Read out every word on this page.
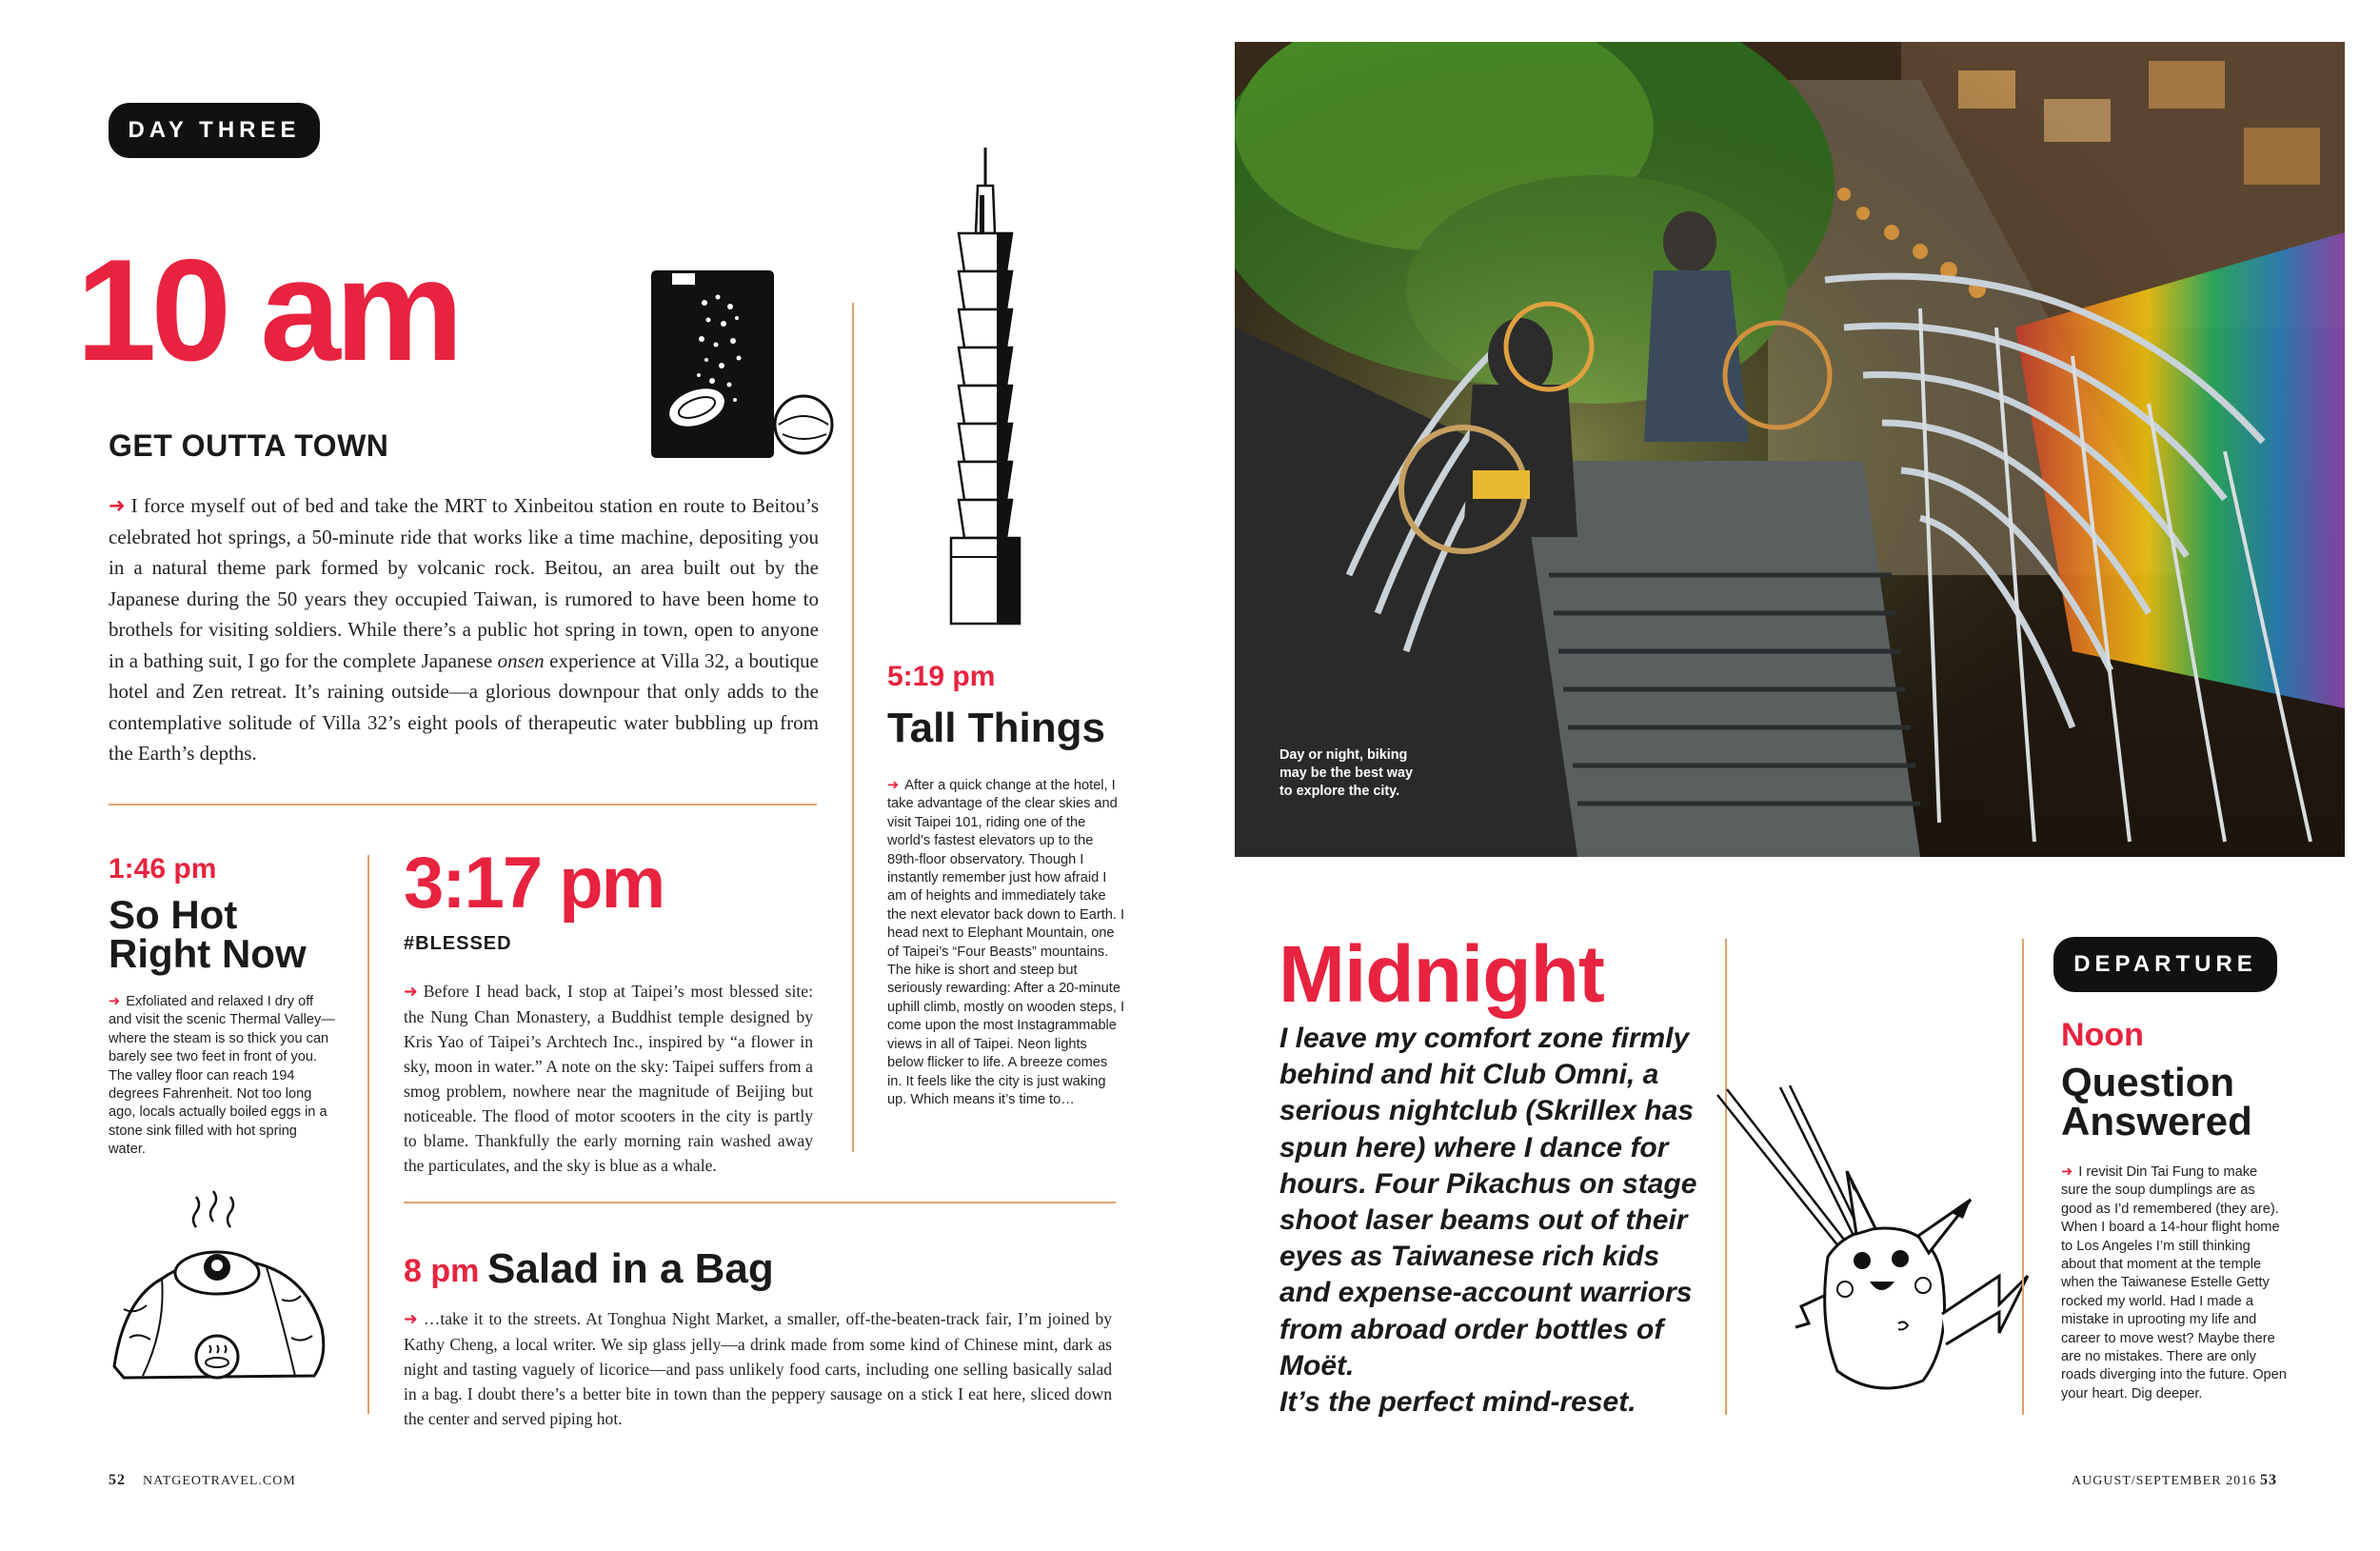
DAY THREE
10 am
GET OUTTA TOWN
➜ I force myself out of bed and take the MRT to Xinbeitou station en route to Beitou’s celebrated hot springs, a 50-minute ride that works like a time machine, depositing you in a natural theme park formed by volcanic rock. Beitou, an area built out by the Japanese during the 50 years they occupied Taiwan, is rumored to have been home to brothels for visiting soldiers. While there’s a public hot spring in town, open to anyone in a bathing suit, I go for the complete Japanese onsen experience at Villa 32, a boutique hotel and Zen retreat. It’s raining outside—a glorious downpour that only adds to the contemplative solitude of Villa 32’s eight pools of therapeutic water bubbling up from the Earth’s depths.
5:19 pm
Tall Things
➜ After a quick change at the hotel, I take advantage of the clear skies and visit Taipei 101, riding one of the world’s fastest elevators up to the 89th-floor observatory. Though I instantly remember just how afraid I am of heights and immediately take the next elevator back down to Earth. I head next to Elephant Mountain, one of Taipei’s “Four Beasts” mountains. The hike is short and steep but seriously rewarding: After a 20-minute uphill climb, mostly on wooden steps, I come upon the most Instagrammable views in all of Taipei. Neon lights below flicker to life. A breeze comes in. It feels like the city is just waking up. Which means it’s time to…
1:46 pm
So Hot
Right Now
➜ Exfoliated and relaxed I dry off and visit the scenic Thermal Valley—where the steam is so thick you can barely see two feet in front of you. The valley floor can reach 194 degrees Fahrenheit. Not too long ago, locals actually boiled eggs in a stone sink filled with hot spring water.
3:17 pm
#BLESSED
➜ Before I head back, I stop at Taipei’s most blessed site: the Nung Chan Monastery, a Buddhist temple designed by Kris Yao of Taipei’s Archtech Inc., inspired by “a flower in sky, moon in water.” A note on the sky: Taipei suffers from a smog problem, nowhere near the magnitude of Beijing but noticeable. The flood of motor scooters in the city is partly to blame. Thankfully the early morning rain washed away the particulates, and the sky is blue as a whale.
8 pm Salad in a Bag
➜ …take it to the streets. At Tonghua Night Market, a smaller, off-the-beaten-track fair, I’m joined by Kathy Cheng, a local writer. We sip glass jelly—a drink made from some kind of Chinese mint, dark as night and tasting vaguely of licorice—and pass unlikely food carts, including one selling basically salad in a bag. I doubt there’s a better bite in town than the peppery sausage on a stick I eat here, sliced down the center and served piping hot.
52 NATGEOTRAVEL.COM
Day or night, biking may be the best way to explore the city.
Midnight
I leave my comfort zone firmly behind and hit Club Omni, a serious nightclub (Skrillex has spun here) where I dance for hours. Four Pikachus on stage shoot laser beams out of their eyes as Taiwanese rich kids and expense-account warriors from abroad order bottles of Moët.
It’s the perfect mind-reset.
DEPARTURE
Noon
Question
Answered
➜ I revisit Din Tai Fung to make sure the soup dumplings are as good as I’d remembered (they are). When I board a 14-hour flight home to Los Angeles I’m still thinking about that moment at the temple when the Taiwanese Estelle Getty rocked my world. Had I made a mistake in uprooting my life and career to move west? Maybe there are no mistakes. There are only roads diverging into the future. Open your heart. Dig deeper.
AUGUST/SEPTEMBER 2016 53
